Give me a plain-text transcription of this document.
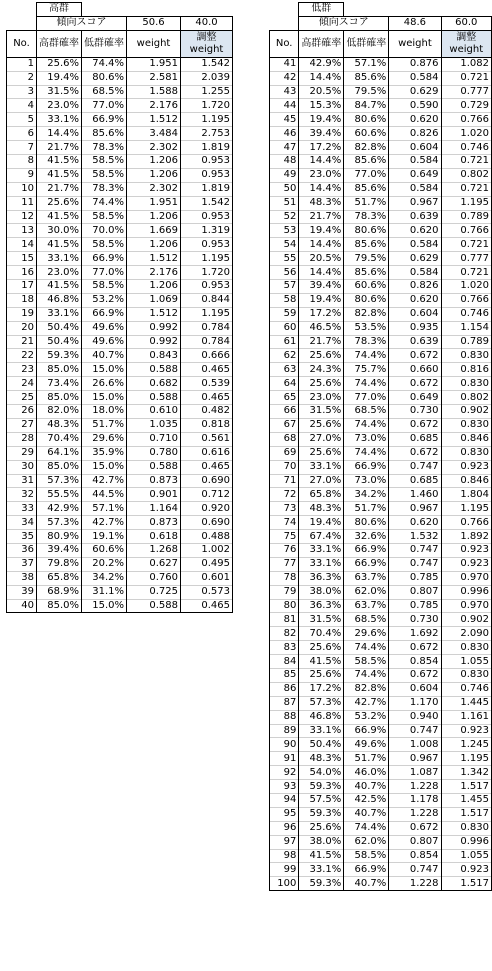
	高群			
	傾向スコア		50.6	40.0
No.	高群確率	低群確率	weight	調整
weight
1	25.6%	74.4%	1.951	1.542
2	19.4%	80.6%	2.581	2.039
3	31.5%	68.5%	1.588	1.255
4	23.0%	77.0%	2.176	1.720
5	33.1%	66.9%	1.512	1.195
6	14.4%	85.6%	3.484	2.753
7	21.7%	78.3%	2.302	1.819
8	41.5%	58.5%	1.206	0.953
9	41.5%	58.5%	1.206	0.953
10	21.7%	78.3%	2.302	1.819
11	25.6%	74.4%	1.951	1.542
12	41.5%	58.5%	1.206	0.953
13	30.0%	70.0%	1.669	1.319
14	41.5%	58.5%	1.206	0.953
15	33.1%	66.9%	1.512	1.195
16	23.0%	77.0%	2.176	1.720
17	41.5%	58.5%	1.206	0.953
18	46.8%	53.2%	1.069	0.844
19	33.1%	66.9%	1.512	1.195
20	50.4%	49.6%	0.992	0.784
21	50.4%	49.6%	0.992	0.784
22	59.3%	40.7%	0.843	0.666
23	85.0%	15.0%	0.588	0.465
24	73.4%	26.6%	0.682	0.539
25	85.0%	15.0%	0.588	0.465
26	82.0%	18.0%	0.610	0.482
27	48.3%	51.7%	1.035	0.818
28	70.4%	29.6%	0.710	0.561
29	64.1%	35.9%	0.780	0.616
30	85.0%	15.0%	0.588	0.465
31	57.3%	42.7%	0.873	0.690
32	55.5%	44.5%	0.901	0.712
33	42.9%	57.1%	1.164	0.920
34	57.3%	42.7%	0.873	0.690
35	80.9%	19.1%	0.618	0.488
36	39.4%	60.6%	1.268	1.002
37	79.8%	20.2%	0.627	0.495
38	65.8%	34.2%	0.760	0.601
39	68.9%	31.1%	0.725	0.573
40	85.0%	15.0%	0.588	0.465
	低群			
	傾向スコア		48.6	60.0
No.	高群確率	低群確率	weight	調整
weight
41	42.9%	57.1%	0.876	1.082
42	14.4%	85.6%	0.584	0.721
43	20.5%	79.5%	0.629	0.777
44	15.3%	84.7%	0.590	0.729
45	19.4%	80.6%	0.620	0.766
46	39.4%	60.6%	0.826	1.020
47	17.2%	82.8%	0.604	0.746
48	14.4%	85.6%	0.584	0.721
49	23.0%	77.0%	0.649	0.802
50	14.4%	85.6%	0.584	0.721
51	48.3%	51.7%	0.967	1.195
52	21.7%	78.3%	0.639	0.789
53	19.4%	80.6%	0.620	0.766
54	14.4%	85.6%	0.584	0.721
55	20.5%	79.5%	0.629	0.777
56	14.4%	85.6%	0.584	0.721
57	39.4%	60.6%	0.826	1.020
58	19.4%	80.6%	0.620	0.766
59	17.2%	82.8%	0.604	0.746
60	46.5%	53.5%	0.935	1.154
61	21.7%	78.3%	0.639	0.789
62	25.6%	74.4%	0.672	0.830
63	24.3%	75.7%	0.660	0.816
64	25.6%	74.4%	0.672	0.830
65	23.0%	77.0%	0.649	0.802
66	31.5%	68.5%	0.730	0.902
67	25.6%	74.4%	0.672	0.830
68	27.0%	73.0%	0.685	0.846
69	25.6%	74.4%	0.672	0.830
70	33.1%	66.9%	0.747	0.923
71	27.0%	73.0%	0.685	0.846
72	65.8%	34.2%	1.460	1.804
73	48.3%	51.7%	0.967	1.195
74	19.4%	80.6%	0.620	0.766
75	67.4%	32.6%	1.532	1.892
76	33.1%	66.9%	0.747	0.923
77	33.1%	66.9%	0.747	0.923
78	36.3%	63.7%	0.785	0.970
79	38.0%	62.0%	0.807	0.996
80	36.3%	63.7%	0.785	0.970
81	31.5%	68.5%	0.730	0.902
82	70.4%	29.6%	1.692	2.090
83	25.6%	74.4%	0.672	0.830
84	41.5%	58.5%	0.854	1.055
85	25.6%	74.4%	0.672	0.830
86	17.2%	82.8%	0.604	0.746
87	57.3%	42.7%	1.170	1.445
88	46.8%	53.2%	0.940	1.161
89	33.1%	66.9%	0.747	0.923
90	50.4%	49.6%	1.008	1.245
91	48.3%	51.7%	0.967	1.195
92	54.0%	46.0%	1.087	1.342
93	59.3%	40.7%	1.228	1.517
94	57.5%	42.5%	1.178	1.455
95	59.3%	40.7%	1.228	1.517
96	25.6%	74.4%	0.672	0.830
97	38.0%	62.0%	0.807	0.996
98	41.5%	58.5%	0.854	1.055
99	33.1%	66.9%	0.747	0.923
100	59.3%	40.7%	1.228	1.517
